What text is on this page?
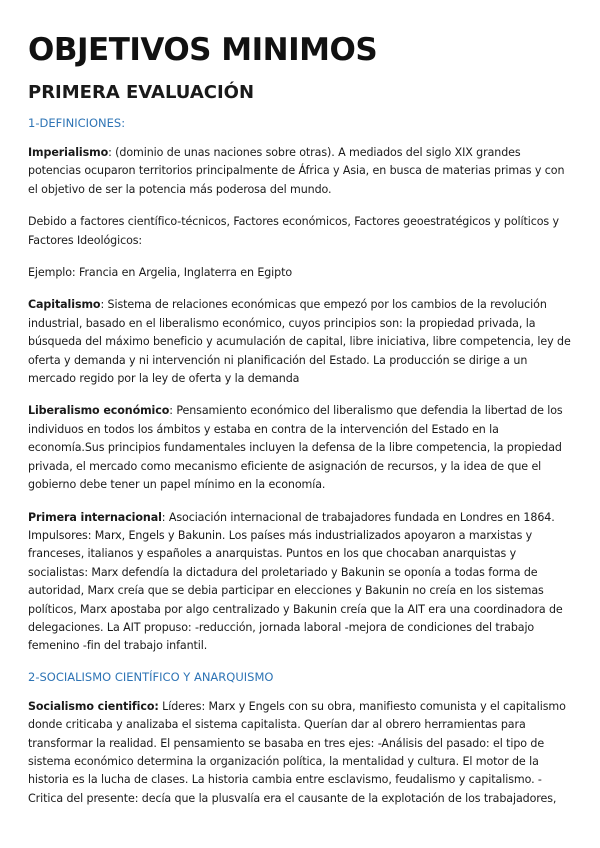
OBJETIVOS MINIMOS
PRIMERA EVALUACIÓN
1-DEFINICIONES:

Imperialismo: (dominio de unas naciones sobre otras). A mediados del siglo XIX grandes potencias ocuparon territorios principalmente de África y Asia, en busca de materias primas y con el objetivo de ser la potencia más poderosa del mundo.

Debido a factores científico-técnicos, Factores económicos, Factores geoestratégicos y políticos y Factores Ideológicos:

Ejemplo: Francia en Argelia, Inglaterra en Egipto

Capitalismo: Sistema de relaciones económicas que empezó por los cambios de la revolución industrial, basado en el liberalismo económico, cuyos principios son: la propiedad privada, la búsqueda del máximo beneficio y acumulación de capital, libre iniciativa, libre competencia, ley de oferta y demanda y ni intervención ni planificación del Estado. La producción se dirige a un mercado regido por la ley de oferta y la demanda

Liberalismo económico: Pensamiento económico del liberalismo que defendia la libertad de los individuos en todos los ámbitos y estaba en contra de la intervención del Estado en la economía.Sus principios fundamentales incluyen la defensa de la libre competencia, la propiedad privada, el mercado como mecanismo eficiente de asignación de recursos, y la idea de que el gobierno debe tener un papel mínimo en la economía.

Primera internacional: Asociación internacional de trabajadores fundada en Londres en 1864. Impulsores: Marx, Engels y Bakunin. Los países más industrializados apoyaron a marxistas y franceses, italianos y españoles a anarquistas. Puntos en los que chocaban anarquistas y socialistas: Marx defendía la dictadura del proletariado y Bakunin se oponía a todas forma de autoridad, Marx creía que se debia participar en elecciones y Bakunin no creía en los sistemas políticos, Marx apostaba por algo centralizado y Bakunin creía que la AIT era una coordinadora de delegaciones. La AIT propuso: -reducción, jornada laboral -mejora de condiciones del trabajo femenino -fin del trabajo infantil.

2-SOCIALISMO CIENTÍFICO Y ANARQUISMO

Socialismo cientifico: Líderes: Marx y Engels con su obra, manifiesto comunista y el capitalismo donde criticaba y analizaba el sistema capitalista. Querían dar al obrero herramientas para transformar la realidad. El pensamiento se basaba en tres ejes: -Análisis del pasado: el tipo de sistema económico determina la organización política, la mentalidad y cultura. El motor de la historia es la lucha de clases. La historia cambia entre esclavismo, feudalismo y capitalismo. -Critica del presente: decía que la plusvalía era el causante de la explotación de los trabajadores,
